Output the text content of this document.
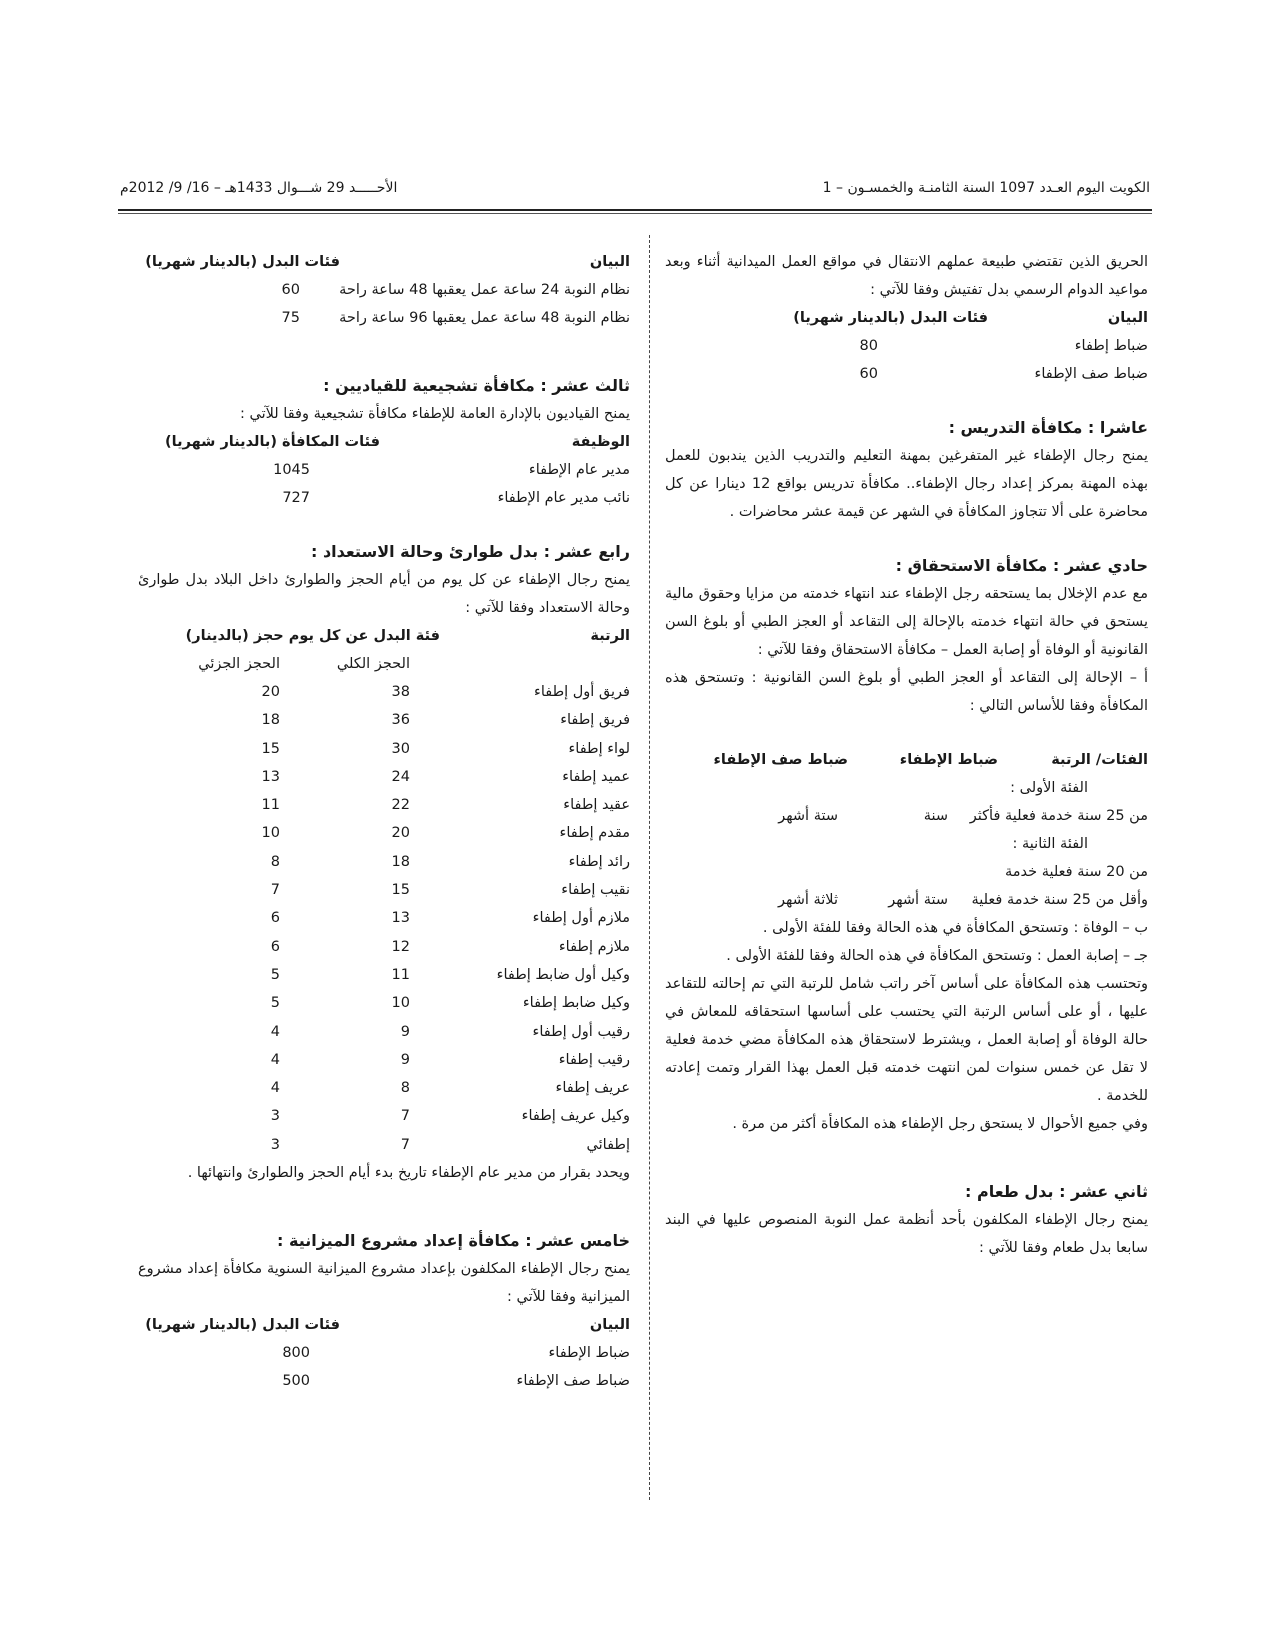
الكويت اليوم العـدد 1097 السنة الثامنـة والخمسـون – 1
الأحـــــد 29 شـــوال 1433هـ – 16/ 9/ 2012م

الحريق الذين تقتضي طبيعة عملهم الانتقال في مواقع العمل الميدانية أثناء وبعد مواعيد الدوام الرسمي بدل تفتيش وفقا للآتي :

البيان
فئات البدل (بالدينار شهريا)
ضباط إطفاء
80
ضباط صف الإطفاء
60

عاشرا : مكافأة التدريس :

يمنح رجال الإطفاء غير المتفرغين بمهنة التعليم والتدريب الذين يندبون للعمل بهذه المهنة بمركز إعداد رجال الإطفاء.. مكافأة تدريس بواقع 12 دينارا عن كل محاضرة على ألا تتجاوز المكافأة في الشهر عن قيمة عشر محاضرات .

حادي عشر : مكافأة الاستحقاق :

مع عدم الإخلال بما يستحقه رجل الإطفاء عند انتهاء خدمته من مزايا وحقوق مالية يستحق في حالة انتهاء خدمته بالإحالة إلى التقاعد أو العجز الطبي أو بلوغ السن القانونية أو الوفاة أو إصابة العمل – مكافأة الاستحقاق وفقا للآتي :

أ – الإحالة إلى التقاعد أو العجز الطبي أو بلوغ السن القانونية : وتستحق هذه المكافأة وفقا للأساس التالي :

الفئات/ الرتبة
ضباط الإطفاء
ضباط صف الإطفاء
الفئة الأولى :
من 25 سنة خدمة فعلية فأكثر
سنة
ستة أشهر
الفئة الثانية :
من 20 سنة فعلية خدمة
وأقل من 25 سنة خدمة فعلية
ستة أشهر
ثلاثة أشهر

ب – الوفاة : وتستحق المكافأة في هذه الحالة وفقا للفئة الأولى .

جـ – إصابة العمل : وتستحق المكافأة في هذه الحالة وفقا للفئة الأولى .

وتحتسب هذه المكافأة على أساس آخر راتب شامل للرتبة التي تم إحالته للتقاعد عليها ، أو على أساس الرتبة التي يحتسب على أساسها استحقاقه للمعاش في حالة الوفاة أو إصابة العمل ، ويشترط لاستحقاق هذه المكافأة مضي خدمة فعلية لا تقل عن خمس سنوات لمن انتهت خدمته قبل العمل بهذا القرار وتمت إعادته للخدمة .

وفي جميع الأحوال لا يستحق رجل الإطفاء هذه المكافأة أكثر من مرة .

ثاني عشر : بدل طعام :

يمنح رجال الإطفاء المكلفون بأحد أنظمة عمل النوبة المنصوص عليها في البند سابعا بدل طعام وفقا للآتي :

البيان
فئات البدل (بالدينار شهريا)
نظام النوبة 24 ساعة عمل يعقبها 48 ساعة راحة
60
نظام النوبة 48 ساعة عمل يعقبها 96 ساعة راحة
75

ثالث عشر : مكافأة تشجيعية للقياديين :

يمنح القياديون بالإدارة العامة للإطفاء مكافأة تشجيعية وفقا للآتي :

الوظيفة
فئات المكافأة (بالدينار شهريا)
مدير عام الإطفاء
1045
نائب مدير عام الإطفاء
727

رابع عشر : بدل طوارئ وحالة الاستعداد :

يمنح رجال الإطفاء عن كل يوم من أيام الحجز والطوارئ داخل البلاد بدل طوارئ وحالة الاستعداد وفقا للآتي :

الرتبة
فئة البدل عن كل يوم حجز (بالدينار)
الحجز الكلي
الحجز الجزئي
فريق أول إطفاء
38
20
فريق إطفاء
36
18
لواء إطفاء
30
15
عميد إطفاء
24
13
عقيد إطفاء
22
11
مقدم إطفاء
20
10
رائد إطفاء
18
8
نقيب إطفاء
15
7
ملازم أول إطفاء
13
6
ملازم إطفاء
12
6
وكيل أول ضابط إطفاء
11
5
وكيل ضابط إطفاء
10
5
رقيب أول إطفاء
9
4
رقيب إطفاء
9
4
عريف إطفاء
8
4
وكيل عريف إطفاء
7
3
إطفائي
7
3

ويحدد بقرار من مدير عام الإطفاء تاريخ بدء أيام الحجز والطوارئ وانتهائها .

خامس عشر : مكافأة إعداد مشروع الميزانية :

يمنح رجال الإطفاء المكلفون بإعداد مشروع الميزانية السنوية مكافأة إعداد مشروع الميزانية وفقا للآتي :

البيان
فئات البدل (بالدينار شهريا)
ضباط الإطفاء
800
ضباط صف الإطفاء
500
